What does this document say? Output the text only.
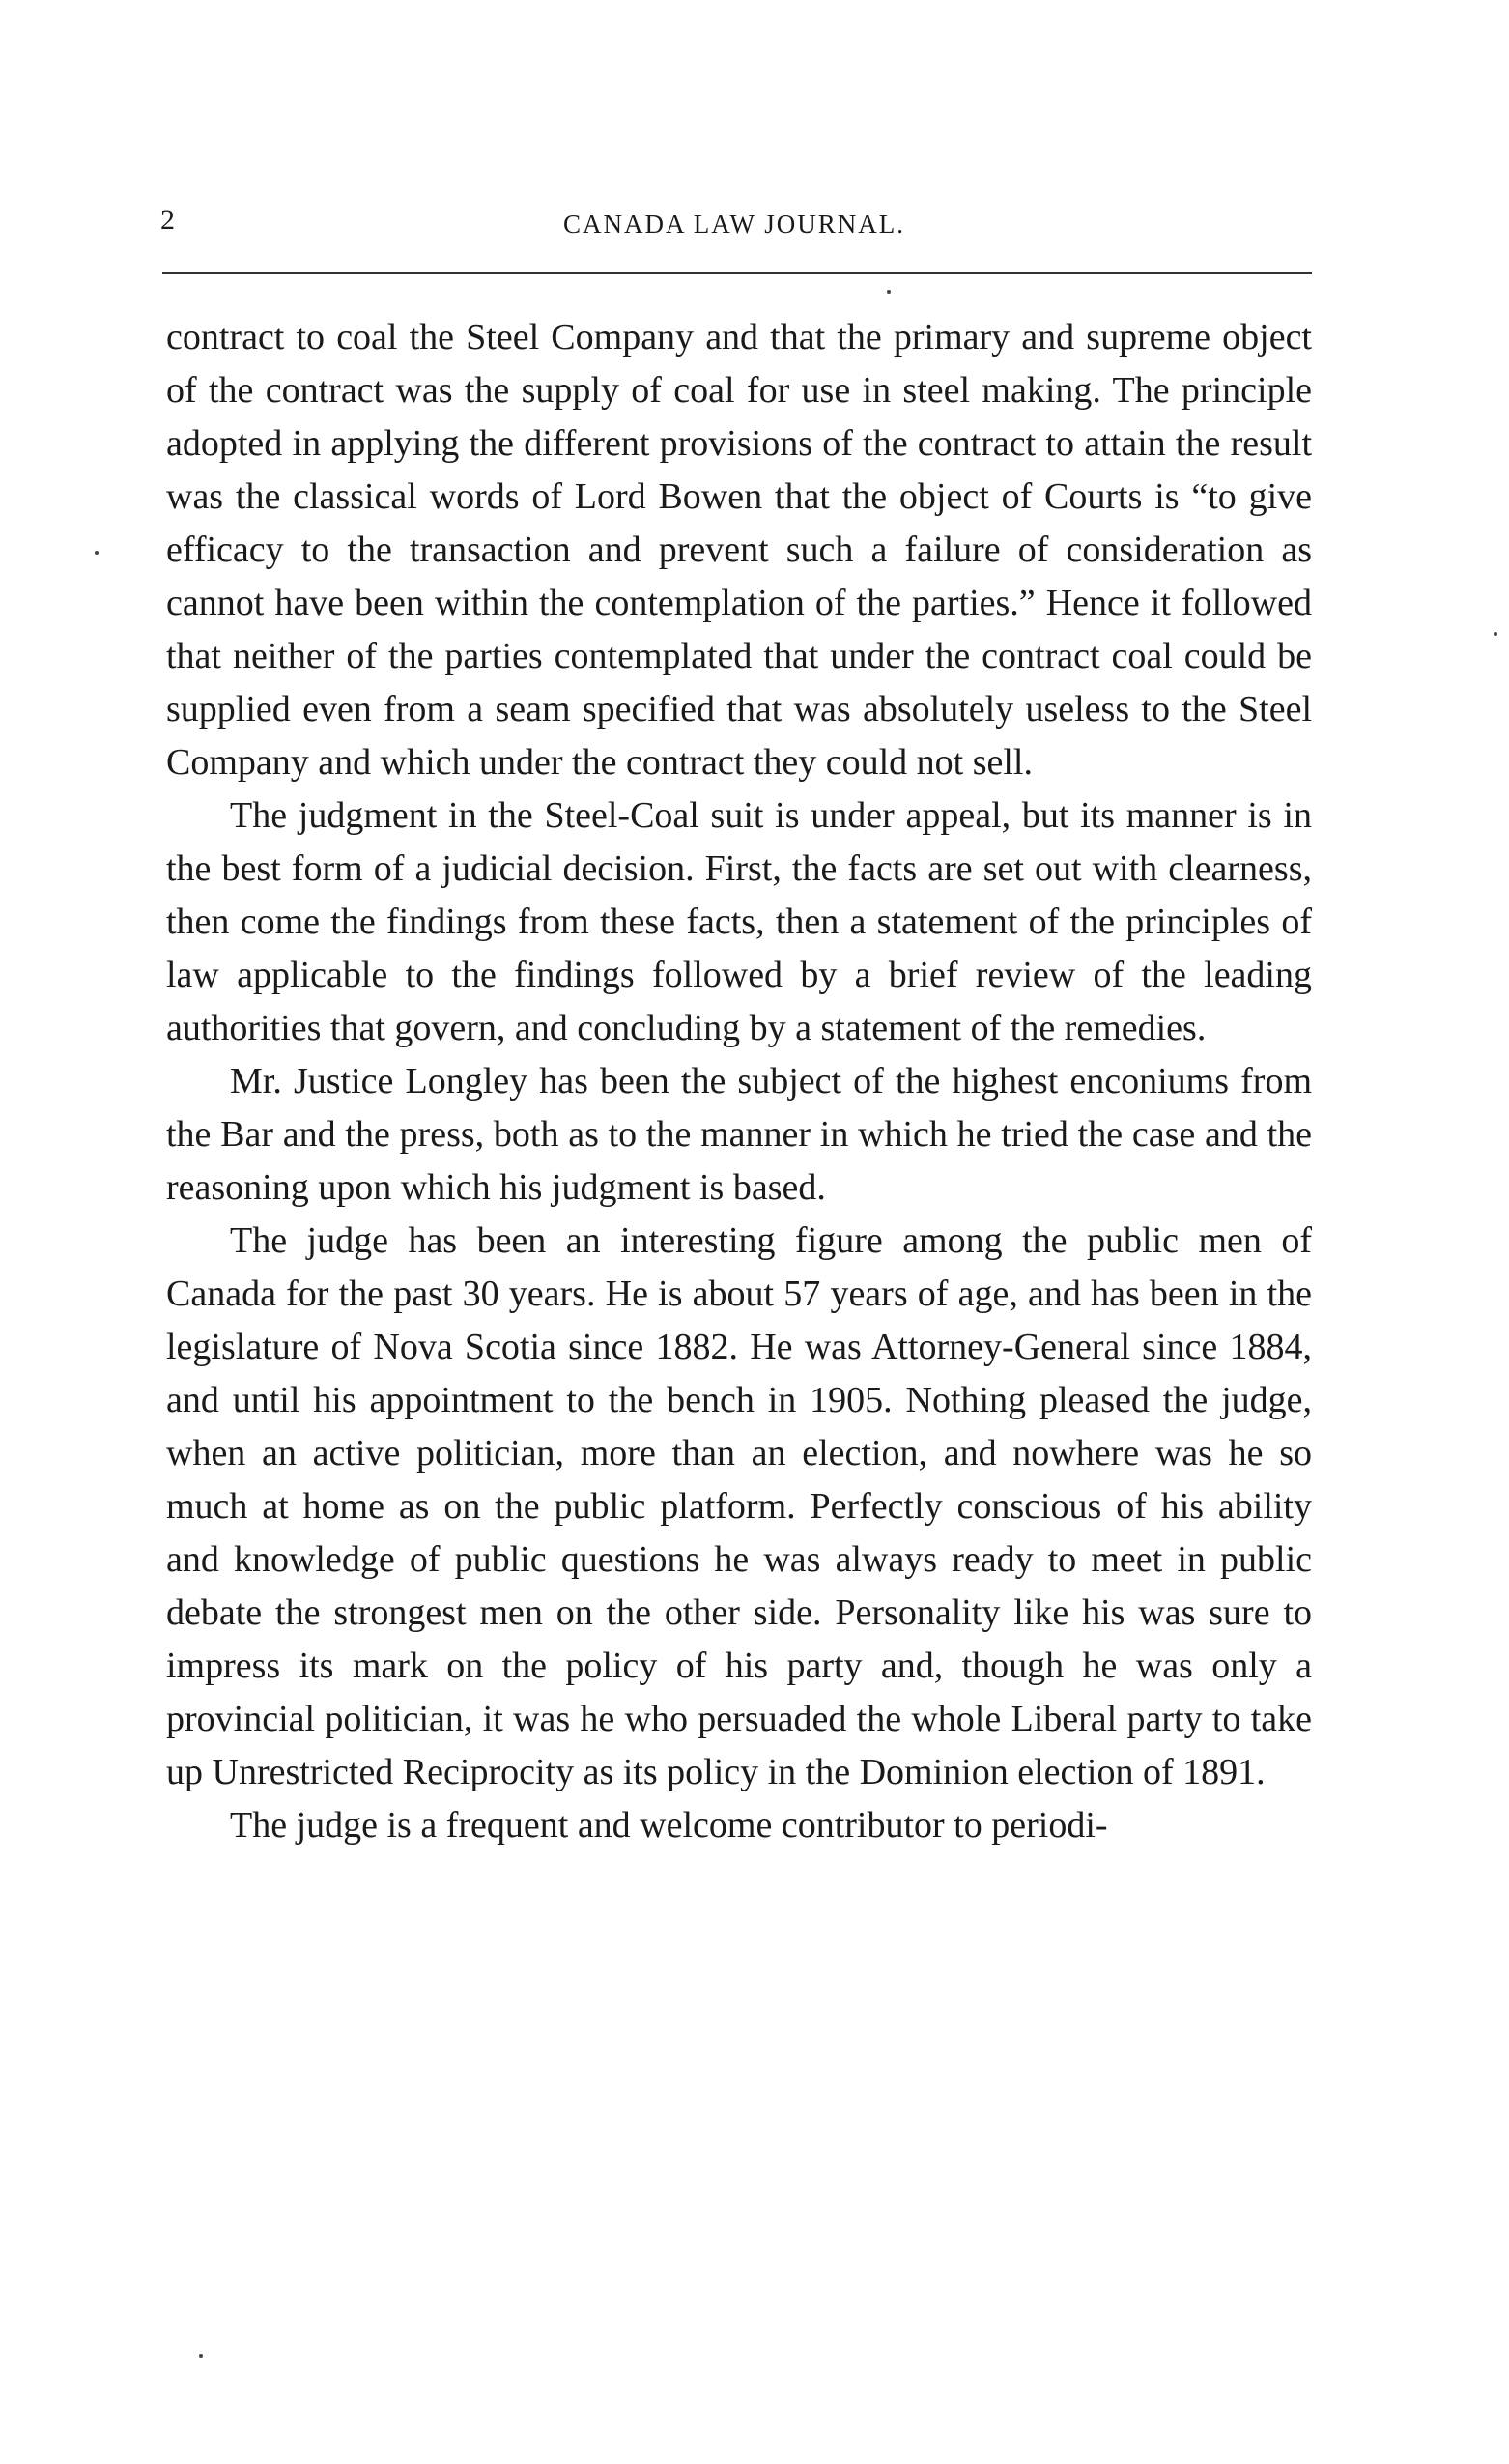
2	CANADA LAW JOURNAL.

contract to coal the Steel Company and that the primary and supreme object of the contract was the supply of coal for use in steel making. The principle adopted in applying the different provisions of the contract to attain the result was the classical words of Lord Bowen that the object of Courts is “to give efficacy to the transaction and prevent such a failure of consideration as cannot have been within the contemplation of the parties.” Hence it followed that neither of the parties contemplated that under the contract coal could be supplied even from a seam specified that was absolutely useless to the Steel Company and which under the contract they could not sell.

The judgment in the Steel-Coal suit is under appeal, but its manner is in the best form of a judicial decision. First, the facts are set out with clearness, then come the findings from these facts, then a statement of the principles of law applicable to the findings followed by a brief review of the leading authorities that govern, and concluding by a statement of the remedies.

Mr. Justice Longley has been the subject of the highest enconiums from the Bar and the press, both as to the manner in which he tried the case and the reasoning upon which his judgment is based.

The judge has been an interesting figure among the public men of Canada for the past 30 years. He is about 57 years of age, and has been in the legislature of Nova Scotia since 1882. He was Attorney-General since 1884, and until his appointment to the bench in 1905. Nothing pleased the judge, when an active politician, more than an election, and nowhere was he so much at home as on the public platform. Perfectly conscious of his ability and knowledge of public questions he was always ready to meet in public debate the strongest men on the other side. Personality like his was sure to impress its mark on the policy of his party and, though he was only a provincial politician, it was he who persuaded the whole Liberal party to take up Unrestricted Reciprocity as its policy in the Dominion election of 1891.

The judge is a frequent and welcome contributor to periodi-
